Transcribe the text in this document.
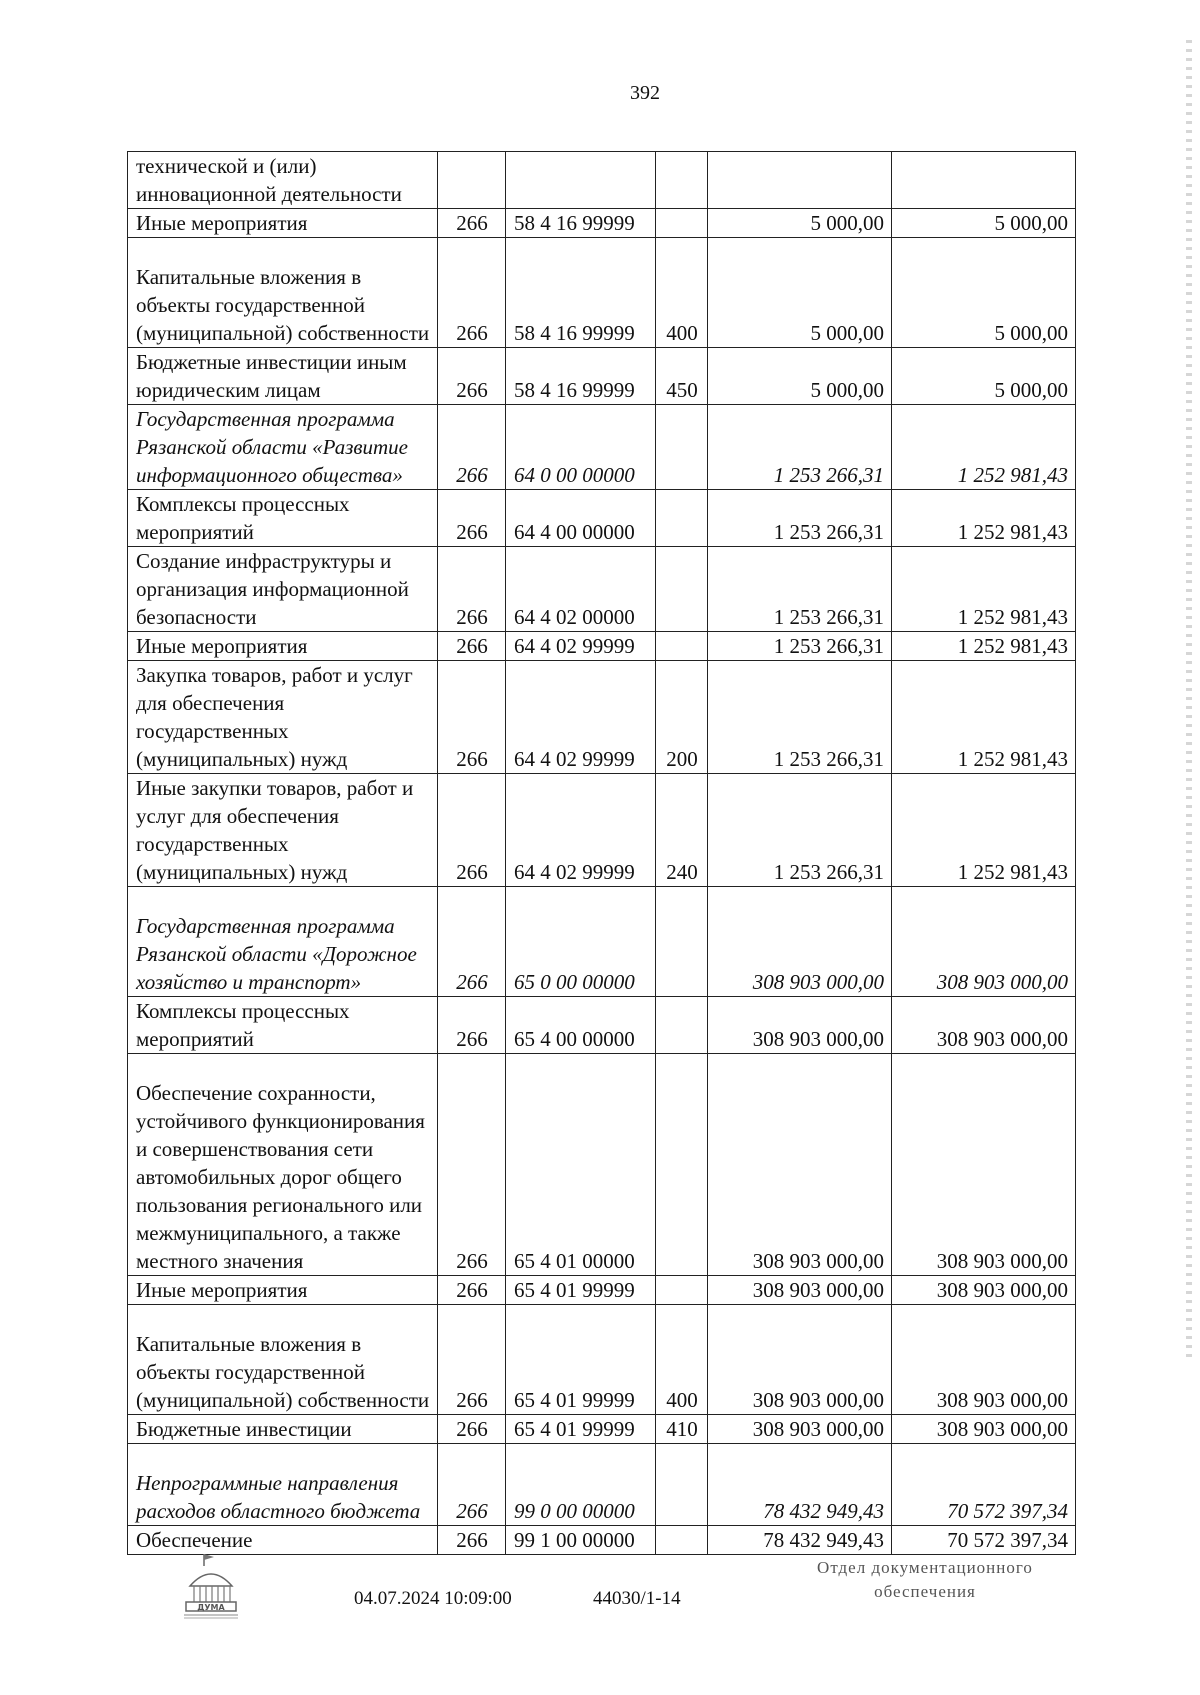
392
технической и (или) инновационной деятельности					
Иные мероприятия	266	58 4 16 99999		5 000,00	5 000,00
Капитальные вложения в объекты государственной (муниципальной) собственности	266	58 4 16 99999	400	5 000,00	5 000,00
Бюджетные инвестиции иным юридическим лицам	266	58 4 16 99999	450	5 000,00	5 000,00
Государственная программа Рязанской области «Развитие информационного общества»	266	64 0 00 00000		1 253 266,31	1 252 981,43
Комплексы процессных мероприятий	266	64 4 00 00000		1 253 266,31	1 252 981,43
Создание инфраструктуры и организация информационной безопасности	266	64 4 02 00000		1 253 266,31	1 252 981,43
Иные мероприятия	266	64 4 02 99999		1 253 266,31	1 252 981,43
Закупка товаров, работ и услуг для обеспечения государственных (муниципальных) нужд	266	64 4 02 99999	200	1 253 266,31	1 252 981,43
Иные закупки товаров, работ и услуг для обеспечения государственных (муниципальных) нужд	266	64 4 02 99999	240	1 253 266,31	1 252 981,43
Государственная программа Рязанской области «Дорожное хозяйство и транспорт»	266	65 0 00 00000		308 903 000,00	308 903 000,00
Комплексы процессных мероприятий	266	65 4 00 00000		308 903 000,00	308 903 000,00
Обеспечение сохранности, устойчивого функционирования и совершенствования сети автомобильных дорог общего пользования регионального или межмуниципального, а также местного значения	266	65 4 01 00000		308 903 000,00	308 903 000,00
Иные мероприятия	266	65 4 01 99999		308 903 000,00	308 903 000,00
Капитальные вложения в объекты государственной (муниципальной) собственности	266	65 4 01 99999	400	308 903 000,00	308 903 000,00
Бюджетные инвестиции	266	65 4 01 99999	410	308 903 000,00	308 903 000,00
Непрограммные направления расходов областного бюджета	266	99 0 00 00000		78 432 949,43	70 572 397,34
Обеспечение	266	99 1 00 00000		78 432 949,43	70 572 397,34
ДУМА	04.07.2024 10:09:00	44030/1-14
Отдел документационного
обеспечения
